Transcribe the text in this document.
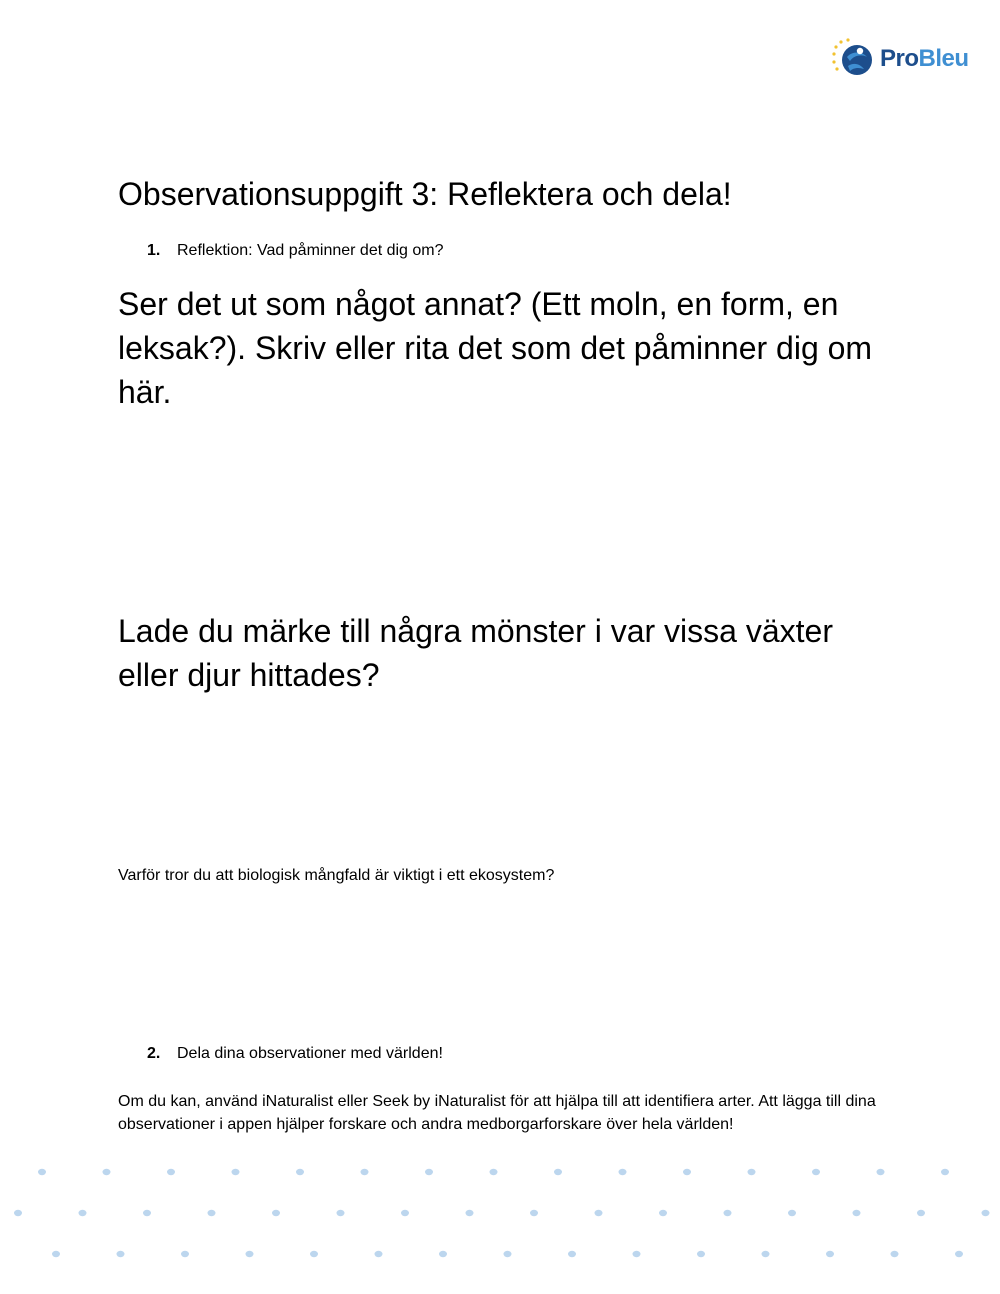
ProBleu
Observationsuppgift 3: Reflektera och dela!
1. Reflektion: Vad påminner det dig om?

Ser det ut som något annat? (Ett moln, en form, en leksak?). Skriv eller rita det som det påminner dig om här.

Lade du märke till några mönster i var vissa växter eller djur hittades?

Varför tror du att biologisk mångfald är viktigt i ett ekosystem?

2. Dela dina observationer med världen!

Om du kan, använd iNaturalist eller Seek by iNaturalist för att hjälpa till att identifiera arter. Att lägga till dina observationer i appen hjälper forskare och andra medborgarforskare över hela världen!
